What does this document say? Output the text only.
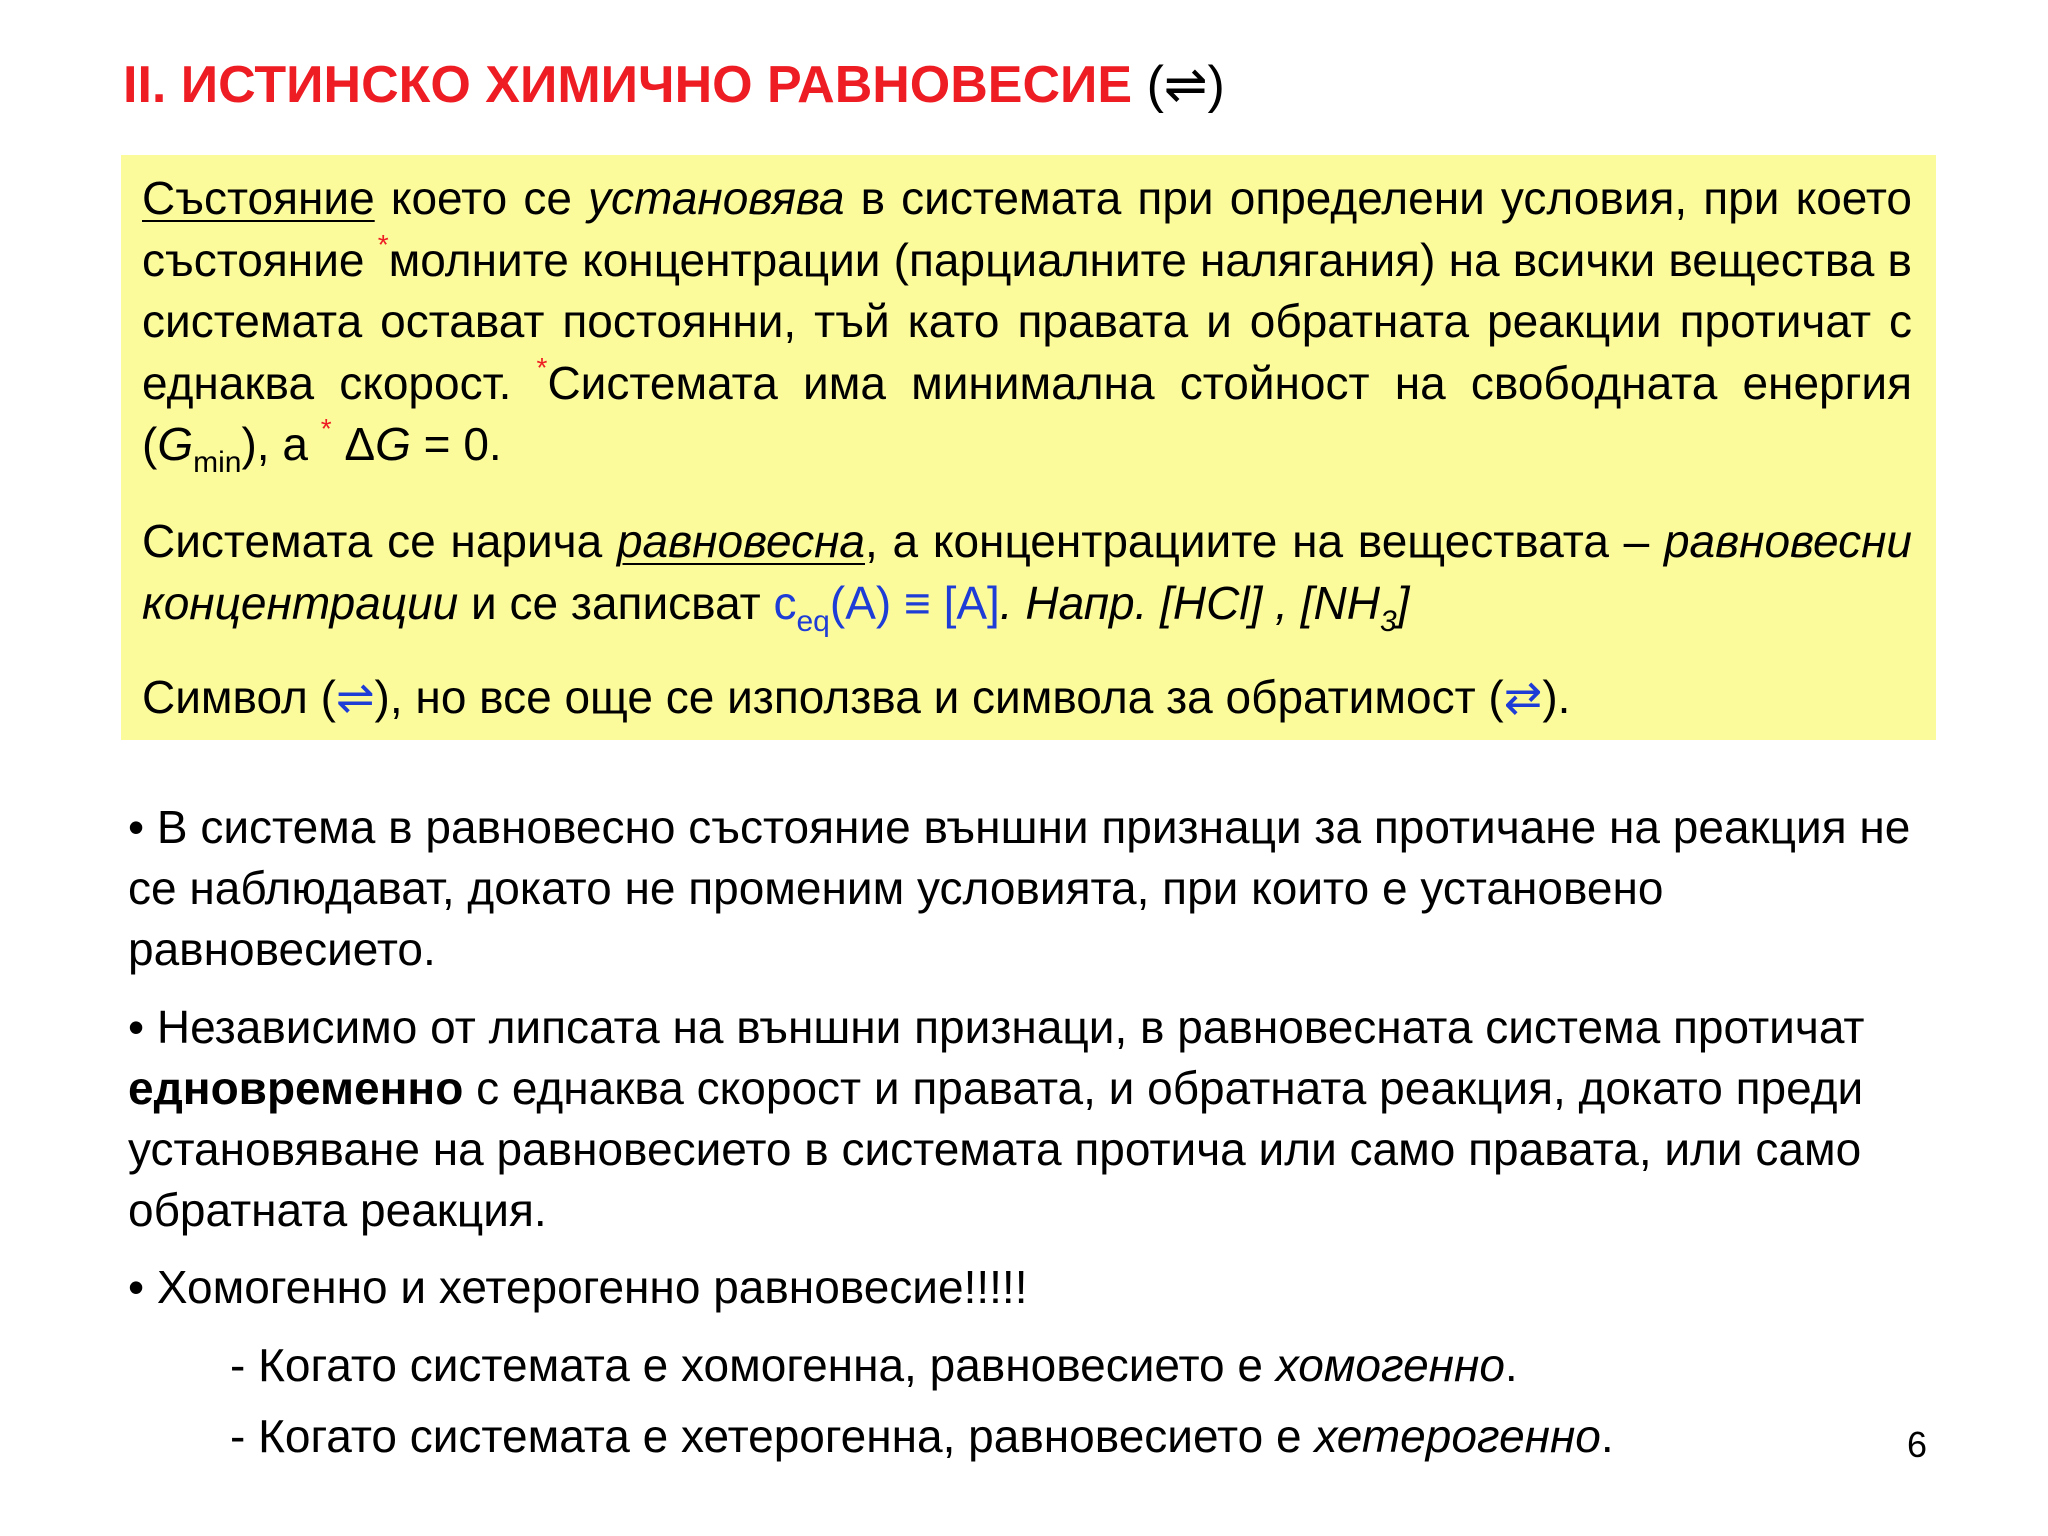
II. ИСТИНСКО ХИМИЧНО РАВНОВЕСИЕ (⇌)
Състояние което се установява в системата при определени условия, при което състояние *молните концентрации (парциалните налягания) на всички вещества в системата остават постоянни, тъй като правата и обратната реакции протичат с еднаква скорост. *Системата има минимална стойност на свободната енергия $(G_{min})$, а * ΔG = 0.
Системата се нарича равновесна, а концентрациите на веществата – равновесни концентрации и се записват $c_{eq}(A) \equiv [A]$. Напр. [HCl] , $[NH_3]$
Символ (⇌), но все още се използва и символа за обратимост (⇄).
• В система в равновесно състояние външни признаци за протичане на реакция не се наблюдават, докато не променим условията, при които е установено равновесието.
• Независимо от липсата на външни признаци, в равновесната система протичат едновременно с еднаква скорост и правата, и обратната реакция, докато преди установяване на равновесието в системата протича или само правата, или само обратната реакция.
• Хомогенно и хетерогенно равновесие!!!!!
- Когато системата е хомогенна, равновесието е хомогенно.
- Когато системата е хетерогенна, равновесието е хетерогенно.	6
